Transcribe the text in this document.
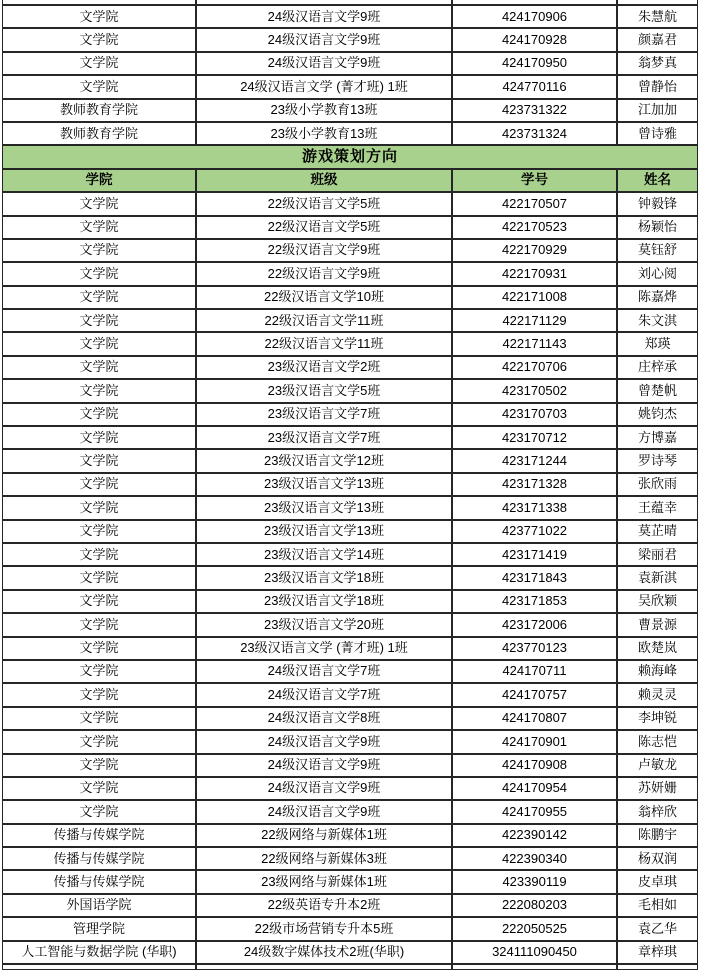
文学院	24级汉语言文学9班	424170906	朱慧航
文学院	24级汉语言文学9班	424170928	颜嘉君
文学院	24级汉语言文学9班	424170950	翁梦真
文学院	24级汉语言文学 (菁才班) 1班	424770116	曾静怡
教师教育学院	23级小学教育13班	423731322	江加加
教师教育学院	23级小学教育13班	423731324	曾诗雅
游戏策划方向			
学院	班级	学号	姓名
文学院	22级汉语言文学5班	422170507	钟毅锋
文学院	22级汉语言文学5班	422170523	杨颖怡
文学院	22级汉语言文学9班	422170929	莫钰舒
文学院	22级汉语言文学9班	422170931	刘心阅
文学院	22级汉语言文学10班	422171008	陈嘉烨
文学院	22级汉语言文学11班	422171129	朱文淇
文学院	22级汉语言文学11班	422171143	郑瑛
文学院	23级汉语言文学2班	422170706	庄梓承
文学院	23级汉语言文学5班	423170502	曾楚帆
文学院	23级汉语言文学7班	423170703	姚钧杰
文学院	23级汉语言文学7班	423170712	方博嘉
文学院	23级汉语言文学12班	423171244	罗诗琴
文学院	23级汉语言文学13班	423171328	张欣雨
文学院	23级汉语言文学13班	423171338	王蕴幸
文学院	23级汉语言文学13班	423771022	莫芷晴
文学院	23级汉语言文学14班	423171419	梁丽君
文学院	23级汉语言文学18班	423171843	袁新淇
文学院	23级汉语言文学18班	423171853	吴欣颖
文学院	23级汉语言文学20班	423172006	曹景源
文学院	23级汉语言文学 (菁才班) 1班	423770123	欧楚岚
文学院	24级汉语言文学7班	424170711	赖海峰
文学院	24级汉语言文学7班	424170757	赖灵灵
文学院	24级汉语言文学8班	424170807	李坤锐
文学院	24级汉语言文学9班	424170901	陈志恺
文学院	24级汉语言文学9班	424170908	卢敏龙
文学院	24级汉语言文学9班	424170954	苏妍姗
文学院	24级汉语言文学9班	424170955	翁梓欣
传播与传媒学院	22级网络与新媒体1班	422390142	陈鹏宇
传播与传媒学院	22级网络与新媒体3班	422390340	杨双润
传播与传媒学院	23级网络与新媒体1班	423390119	皮卓琪
外国语学院	22级英语专升本2班	222080203	毛相如
管理学院	22级市场营销专升本5班	222050525	袁乙华
人工智能与数据学院 (华职)	24级数字媒体技术2班(华职)	324111090450	章梓琪
